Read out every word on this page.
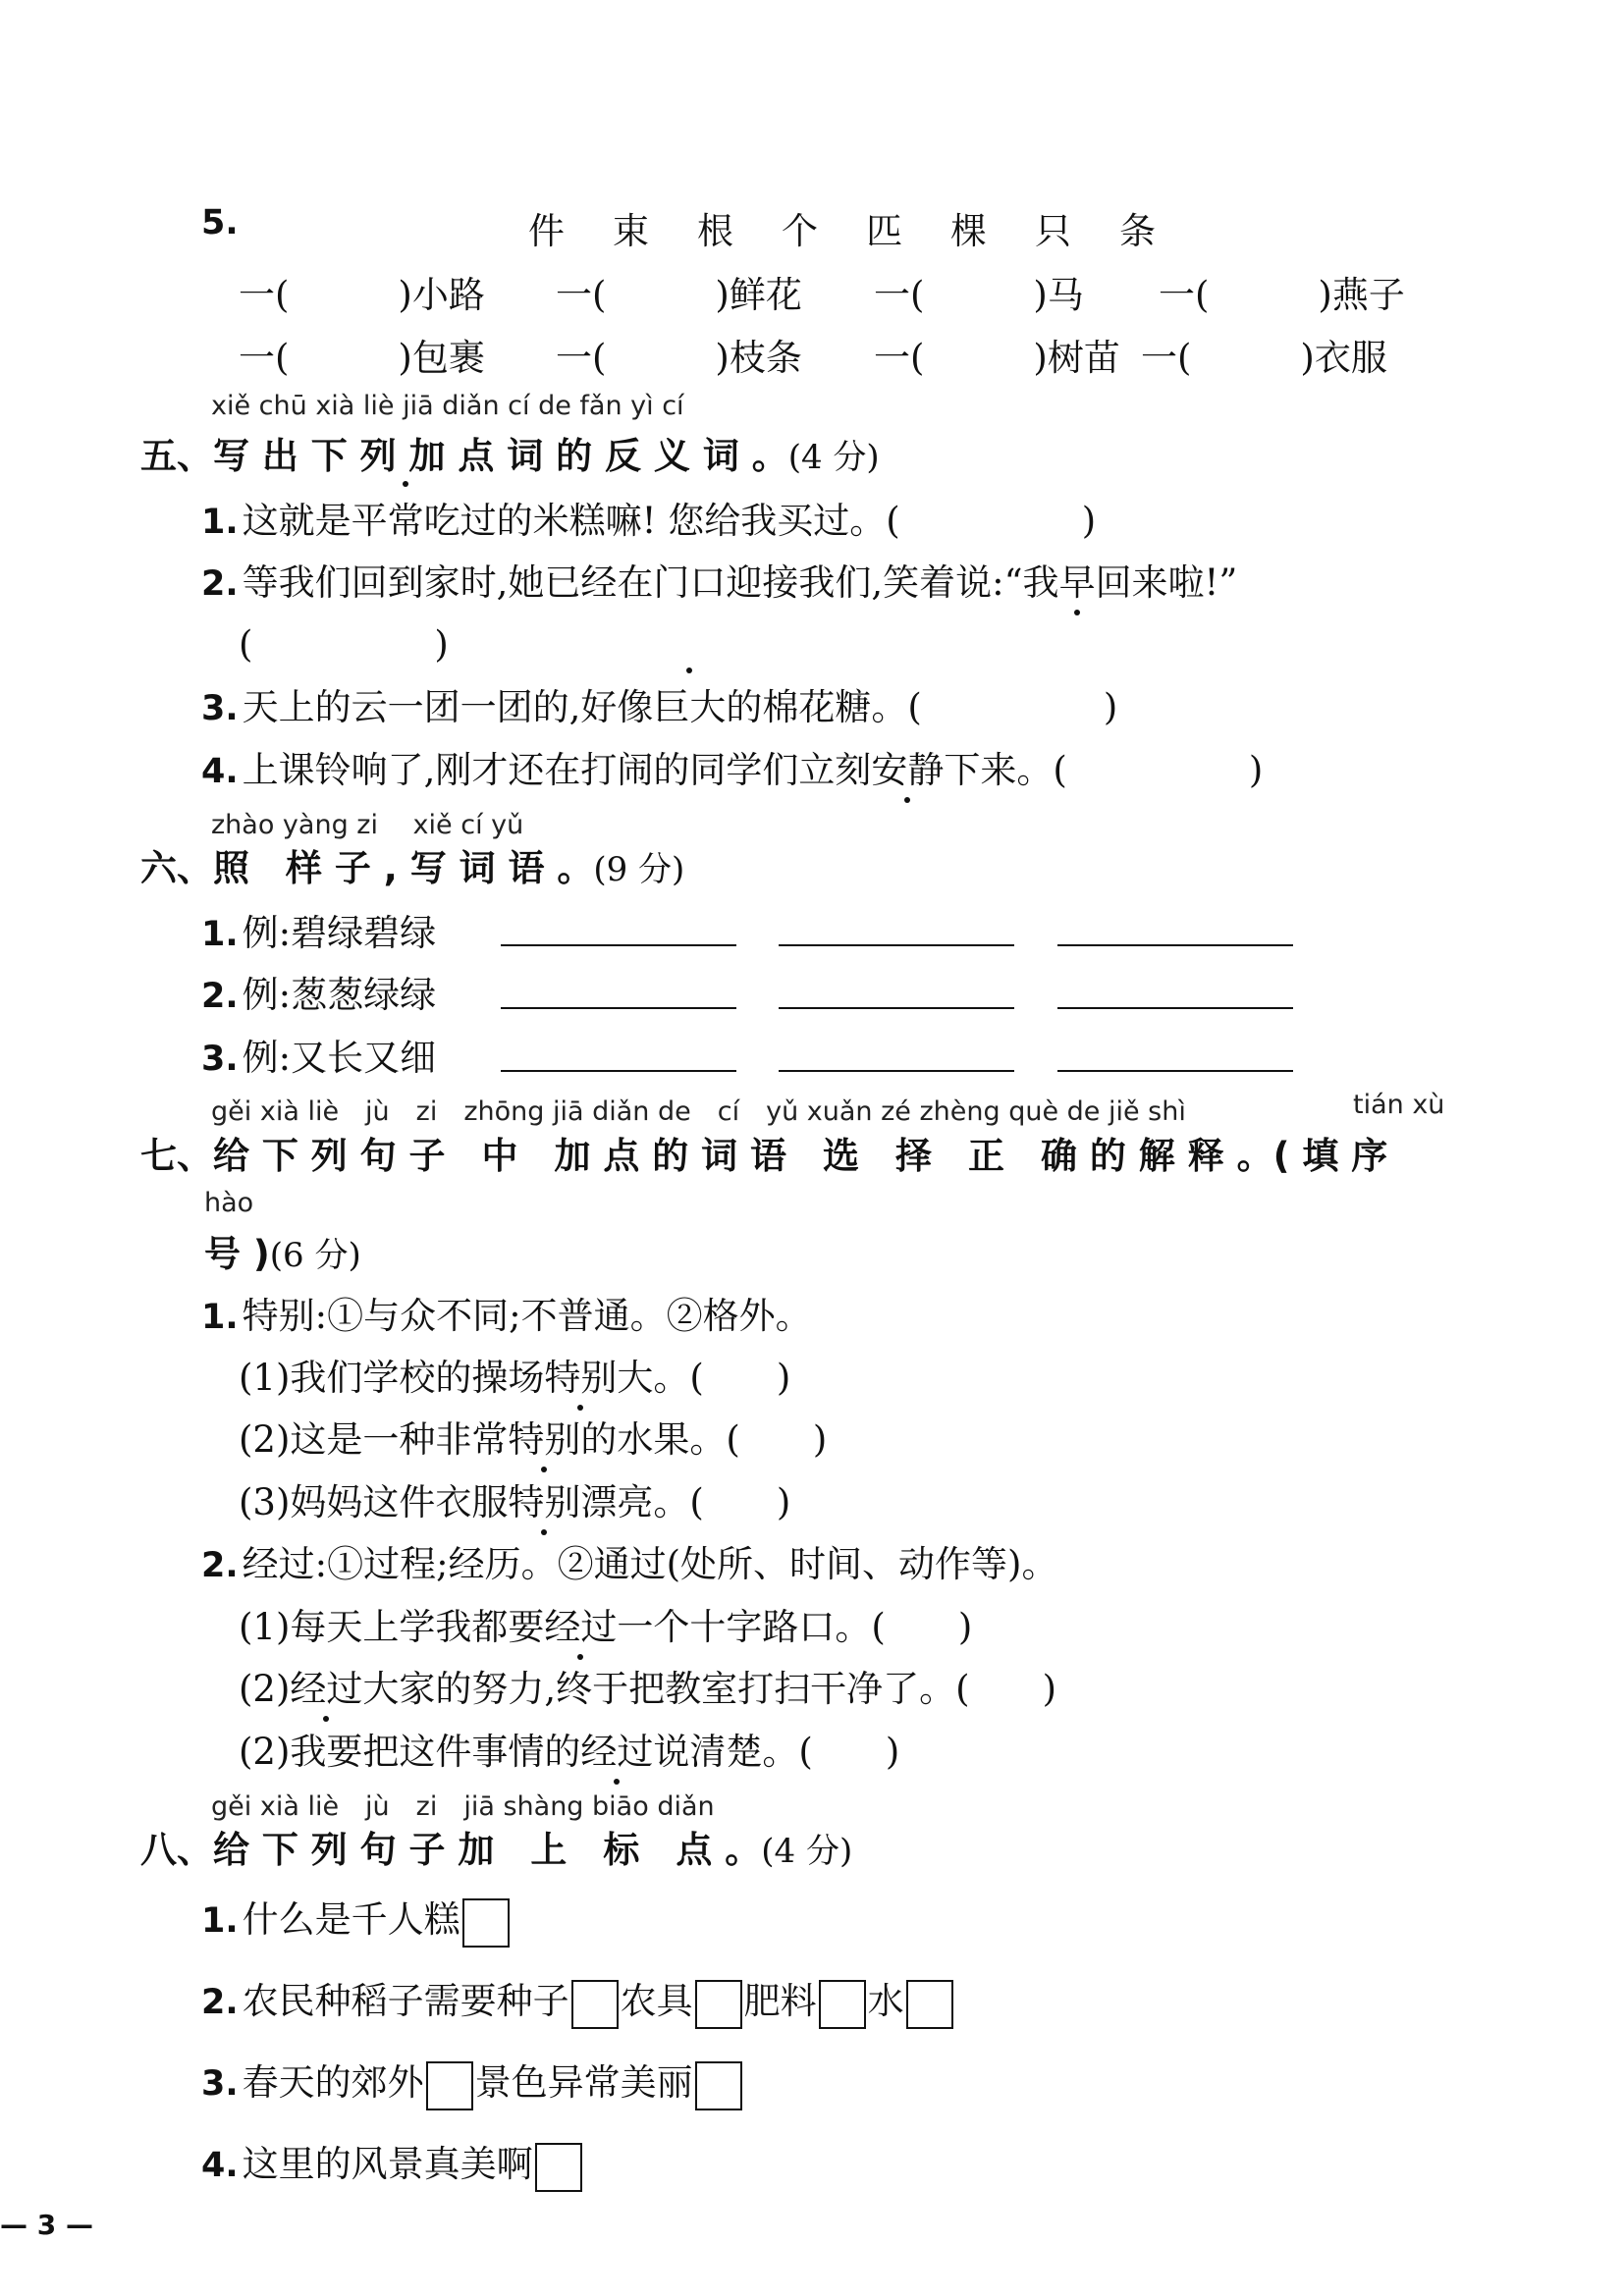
5.	件　束　根　个　匹　棵　只　条
一(　　　)小路 一(　　　)鲜花 一(　　　)马 一(　　　)燕子
一(　　　)包裹 一(　　　)枝条 一(　　　)树苗 一(　　　)衣服
xiě chū xià liè jiā diǎn cí de fǎn yì cí
五、写 出 下 列 加 点 词 的 反 义 词 。(4 分)
1. 这就是平常吃过的米糕嘛! 您给我买过。(　　　　　)
2. 等我们回到家时,她已经在门口迎接我们,笑着说:“我早回来啦!”
(　　　　　)
3. 天上的云一团一团的,好像巨大的棉花糖。(　　　　　)
4. 上课铃响了,刚才还在打闹的同学们立刻安静下来。(　　　　　)
zhào yàng zi　 xiě cí yǔ
六、照　样 子 , 写 词 语 。(9 分)
1. 例:碧绿碧绿
2. 例:葱葱绿绿
3. 例:又长又细
gěi xià liè　jù　zi　zhōng jiā diǎn de　cí　yǔ xuǎn zé zhèng què de jiě shì	tián xù
七、给 下 列 句 子　中　加 点 的 词 语　选　择　正　确 的 解 释 。( 填 序
hào
号 )(6 分)
1. 特别:①与众不同;不普通。②格外。
(1)我们学校的操场特别大。(　　)
(2)这是一种非常特别的水果。(　　)
(3)妈妈这件衣服特别漂亮。(　　)
2. 经过:①过程;经历。②通过(处所、时间、动作等)。
(1)每天上学我都要经过一个十字路口。(　　)
(2)经过大家的努力,终于把教室打扫干净了。(　　)
(2)我要把这件事情的经过说清楚。(　　)
gěi xià liè　jù　zi　jiā shàng biāo diǎn
八、给 下 列 句 子 加　上　标　点 。(4 分)
1. 什么是千人糕
2. 农民种稻子需要种子 农具 肥料 水
3. 春天的郊外 景色异常美丽
4. 这里的风景真美啊
— 3 —
